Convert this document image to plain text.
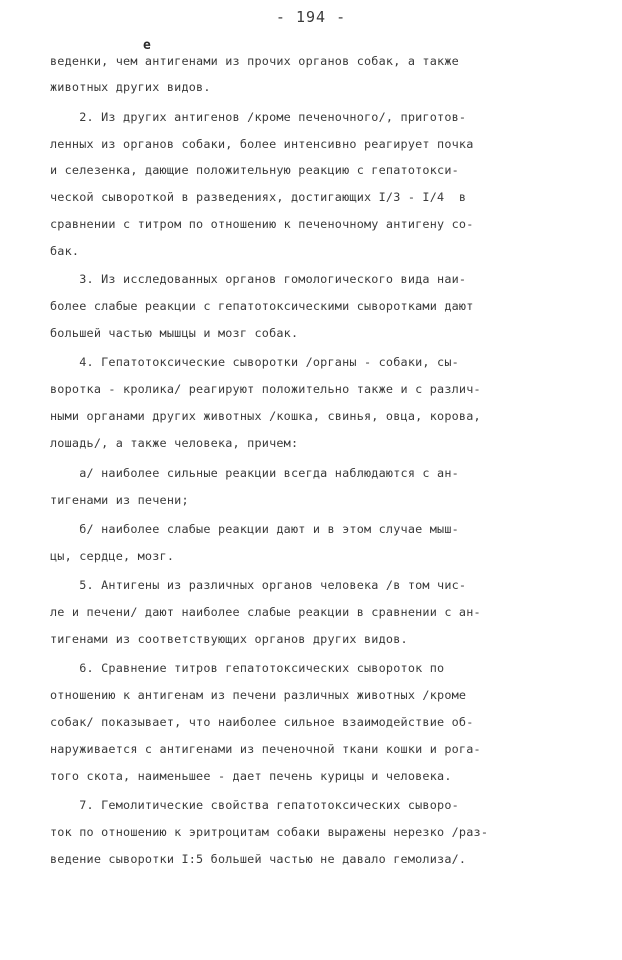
- 194 -
е
веденки, чем антигенами из прочих органов собак, а также
животных других видов.
2. Из других антигенов /кроме печеночного/, приготов-
ленных из органов собаки, более интенсивно реагирует почка
и селезенка, дающие положительную реакцию с гепатотокси-
ческой сывороткой в разведениях, достигающих I/3 - I/4  в
сравнении с титром по отношению к печеночному антигену со-
бак.
3. Из исследованных органов гомологического вида наи-
более слабые реакции с гепатотоксическими сыворотками дают
большей частью мышцы и мозг собак.
4. Гепатотоксические сыворотки /органы - собаки, сы-
воротка - кролика/ реагируют положительно также и с различ-
ными органами других животных /кошка, свинья, овца, корова,
лошадь/, а также человека, причем:
а/ наиболее сильные реакции всегда наблюдаются с ан-
тигенами из печени;
б/ наиболее слабые реакции дают и в этом случае мыш-
цы, сердце, мозг.
5. Антигены из различных органов человека /в том чис-
ле и печени/ дают наиболее слабые реакции в сравнении с ан-
тигенами из соответствующих органов других видов.
6. Сравнение титров гепатотоксических сывороток по
отношению к антигенам из печени различных животных /кроме
собак/ показывает, что наиболее сильное взаимодействие об-
наруживается с антигенами из печеночной ткани кошки и рога-
того скота, наименьшее - дает печень курицы и человека.
7. Гемолитические свойства гепатотоксических сыворо-
ток по отношению к эритроцитам собаки выражены нерезко /раз-
ведение сыворотки I:5 большей частью не давало гемолиза/.
